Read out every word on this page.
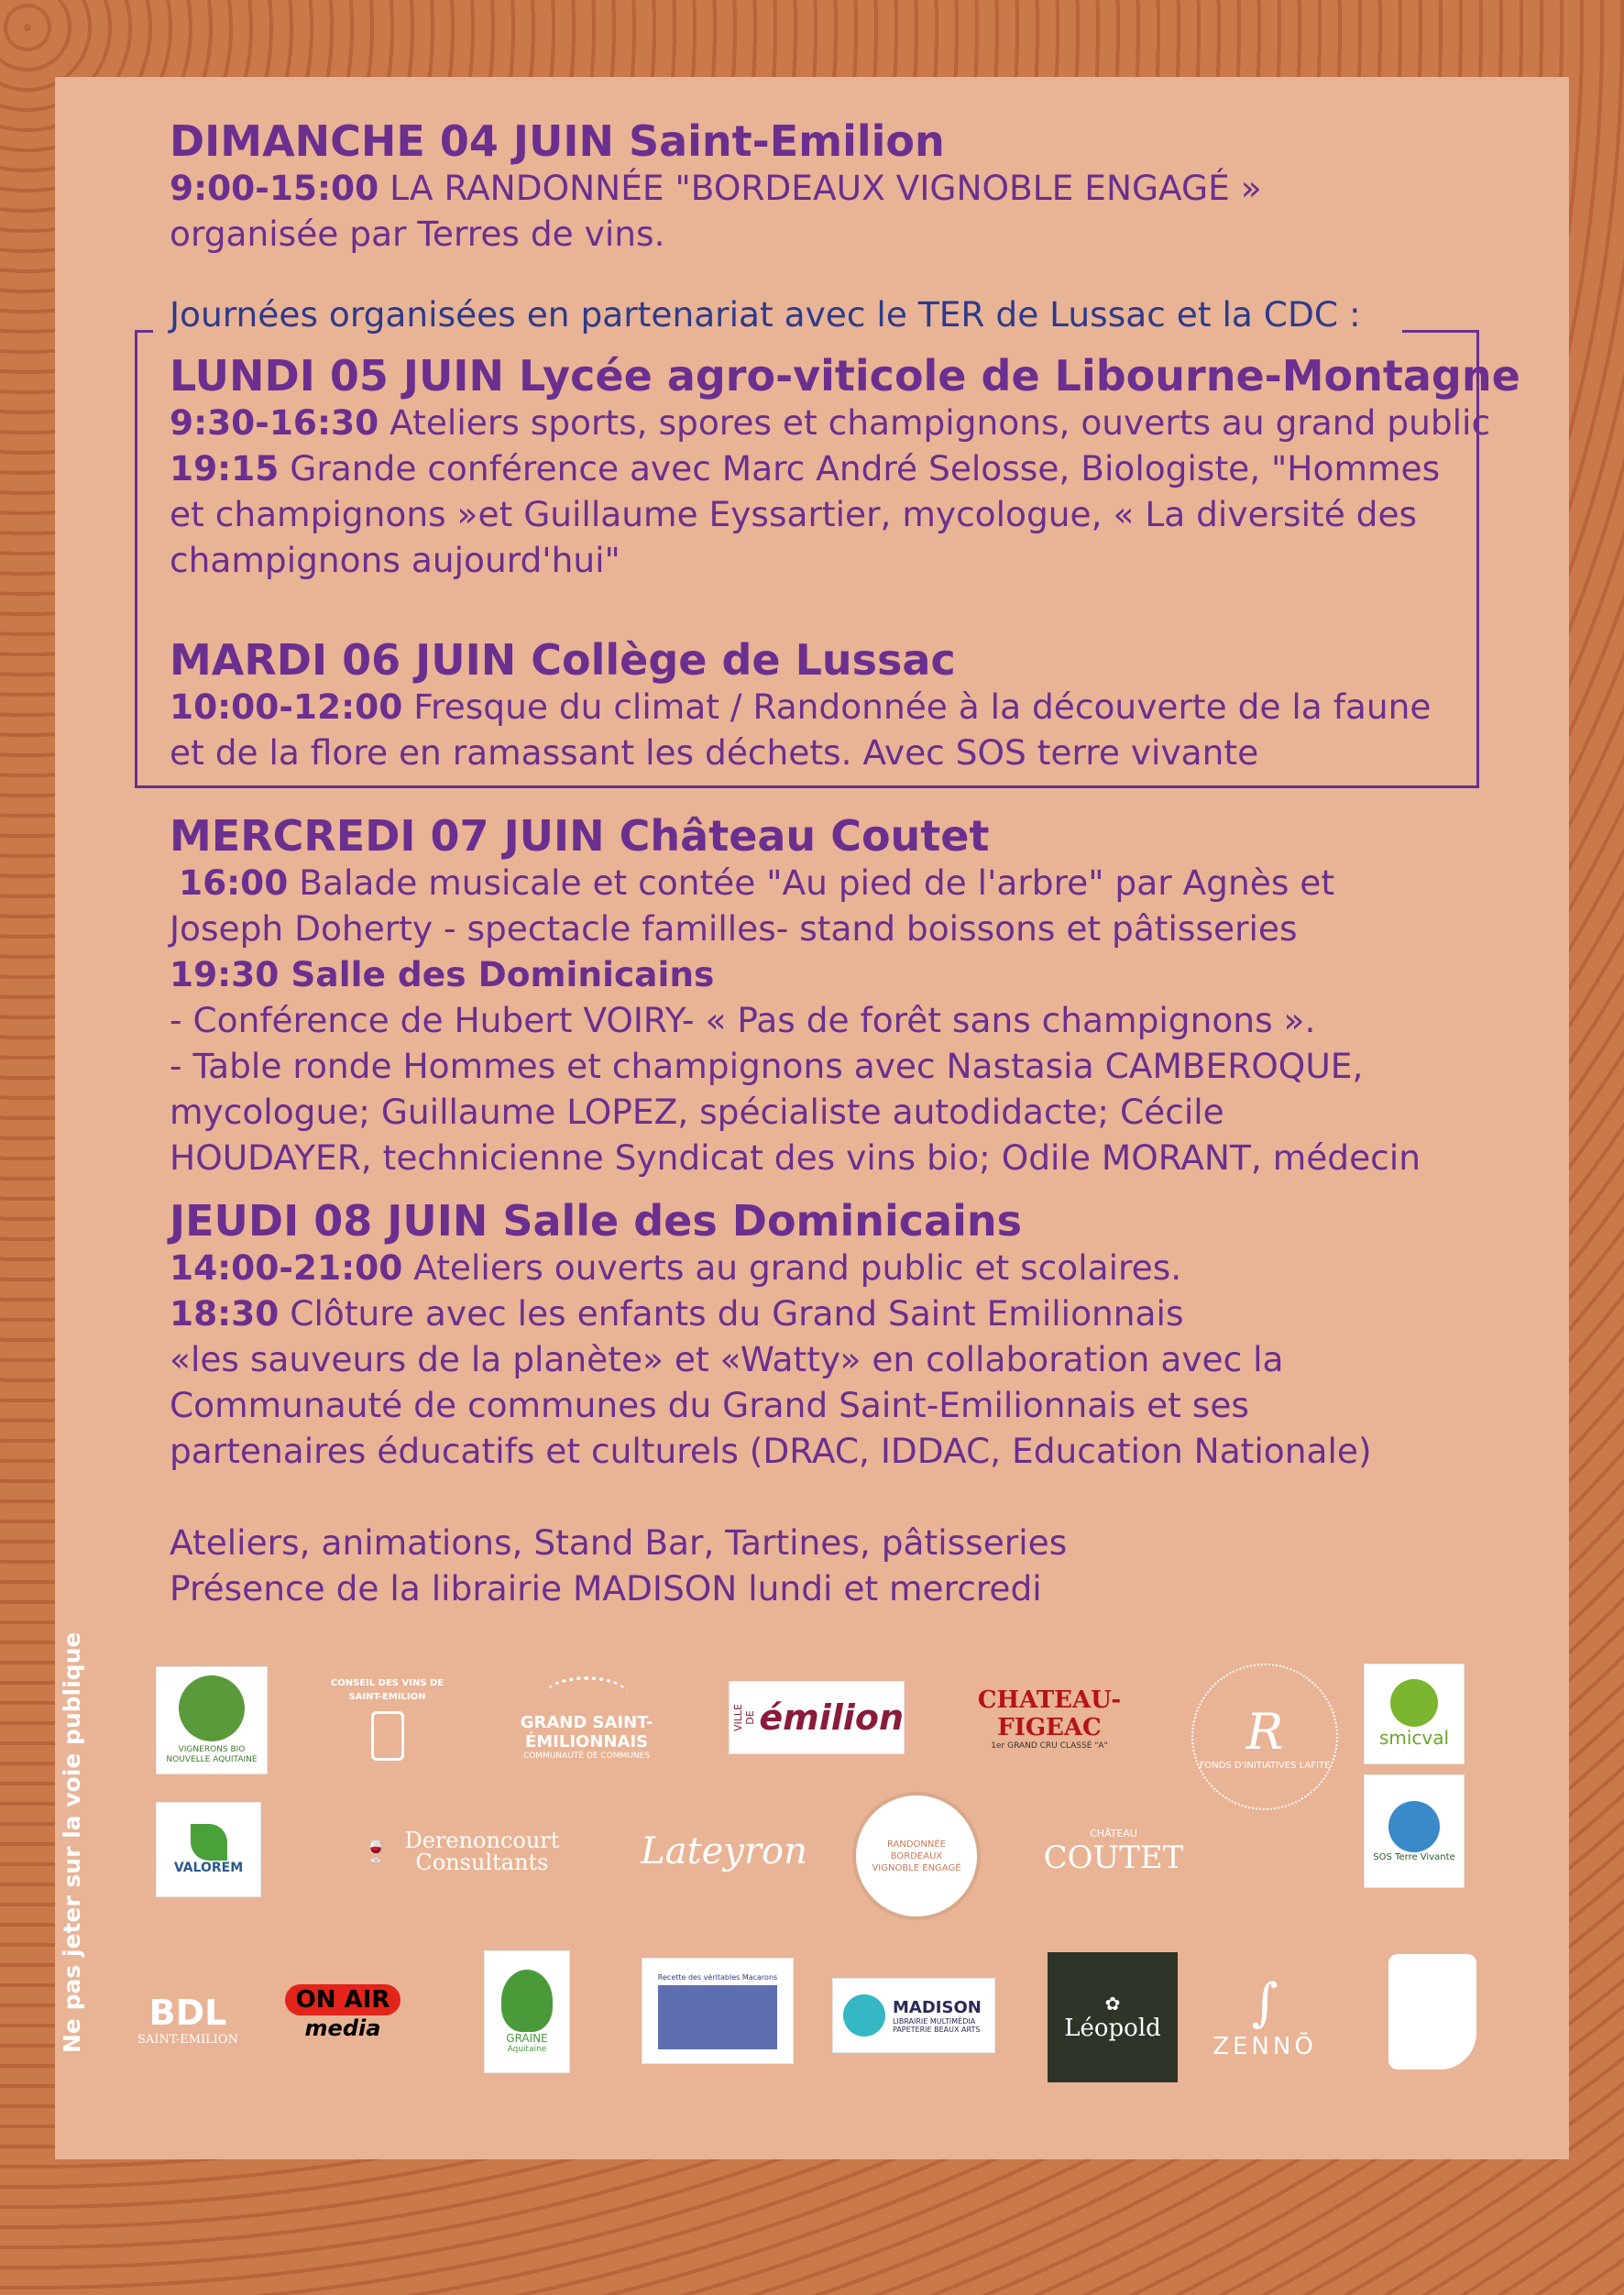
Journées organisées en partenariat avec le TER de Lussac et la CDC :

DIMANCHE 04 JUIN Saint-Emilion

9:00-15:00 LA RANDONNÉE "BORDEAUX VIGNOBLE ENGAGÉ »

organisée par Terres de vins.

LUNDI 05 JUIN Lycée agro-viticole de Libourne-Montagne

9:30-16:30 Ateliers sports, spores et champignons, ouverts au grand public

19:15 Grande conférence avec Marc André Selosse, Biologiste, "Hommes

et champignons »et Guillaume Eyssartier, mycologue, « La diversité des

champignons aujourd'hui"

MARDI 06 JUIN Collège de Lussac

10:00-12:00 Fresque du climat / Randonnée à la découverte de la faune

et de la flore en ramassant les déchets. Avec SOS terre vivante

MERCREDI 07 JUIN Château Coutet

16:00 Balade musicale et contée "Au pied de l'arbre" par Agnès et

Joseph Doherty - spectacle familles- stand boissons et pâtisseries

19:30 Salle des Dominicains

- Conférence de Hubert VOIRY- « Pas de forêt sans champignons ».

- Table ronde Hommes et champignons avec Nastasia CAMBEROQUE,

mycologue; Guillaume LOPEZ, spécialiste autodidacte; Cécile

HOUDAYER, technicienne Syndicat des vins bio; Odile MORANT, médecin

JEUDI 08 JUIN Salle des Dominicains

14:00-21:00 Ateliers ouverts au grand public et scolaires.

18:30 Clôture avec les enfants du Grand Saint Emilionnais

«les sauveurs de la planète» et «Watty» en collaboration avec la

Communauté de communes du Grand Saint-Emilionnais et ses

partenaires éducatifs et culturels (DRAC, IDDAC, Education Nationale)

Ateliers, animations, Stand Bar, Tartines, pâtisseries

Présence de la librairie MADISON lundi et mercredi

Ne pas jeter sur la voie publique	VIGNERONS BIO NOUVELLE AQUITAINE
CONSEIL DES VINS DE SAINT-EMILION
GRAND SAINT-ÉMILIONNAIS
COMMUNAUTÉ DE COMMUNES
VILLE DE émilion	CHATEAU-FIGEAC
1er GRAND CRU CLASSÉ "A"	R
FONDS D'INITIATIVES LAFITE
smicval
VALOREM
🍷 Derenoncourt Consultants	Lateyron	RANDONNÉE BORDEAUX VIGNOBLE ENGAGÉ
CHÂTEAU
COUTET	SOS Terre Vivante
BDL
SAINT-EMILION
ON AIR
media	GRAINE
Aquitaine
Recette des véritables Macarons
MADISON
LIBRAIRIE MULTIMÉDIA PAPETERIE BEAUX ARTS
✿
Léopold ∫
ZENNŌ
